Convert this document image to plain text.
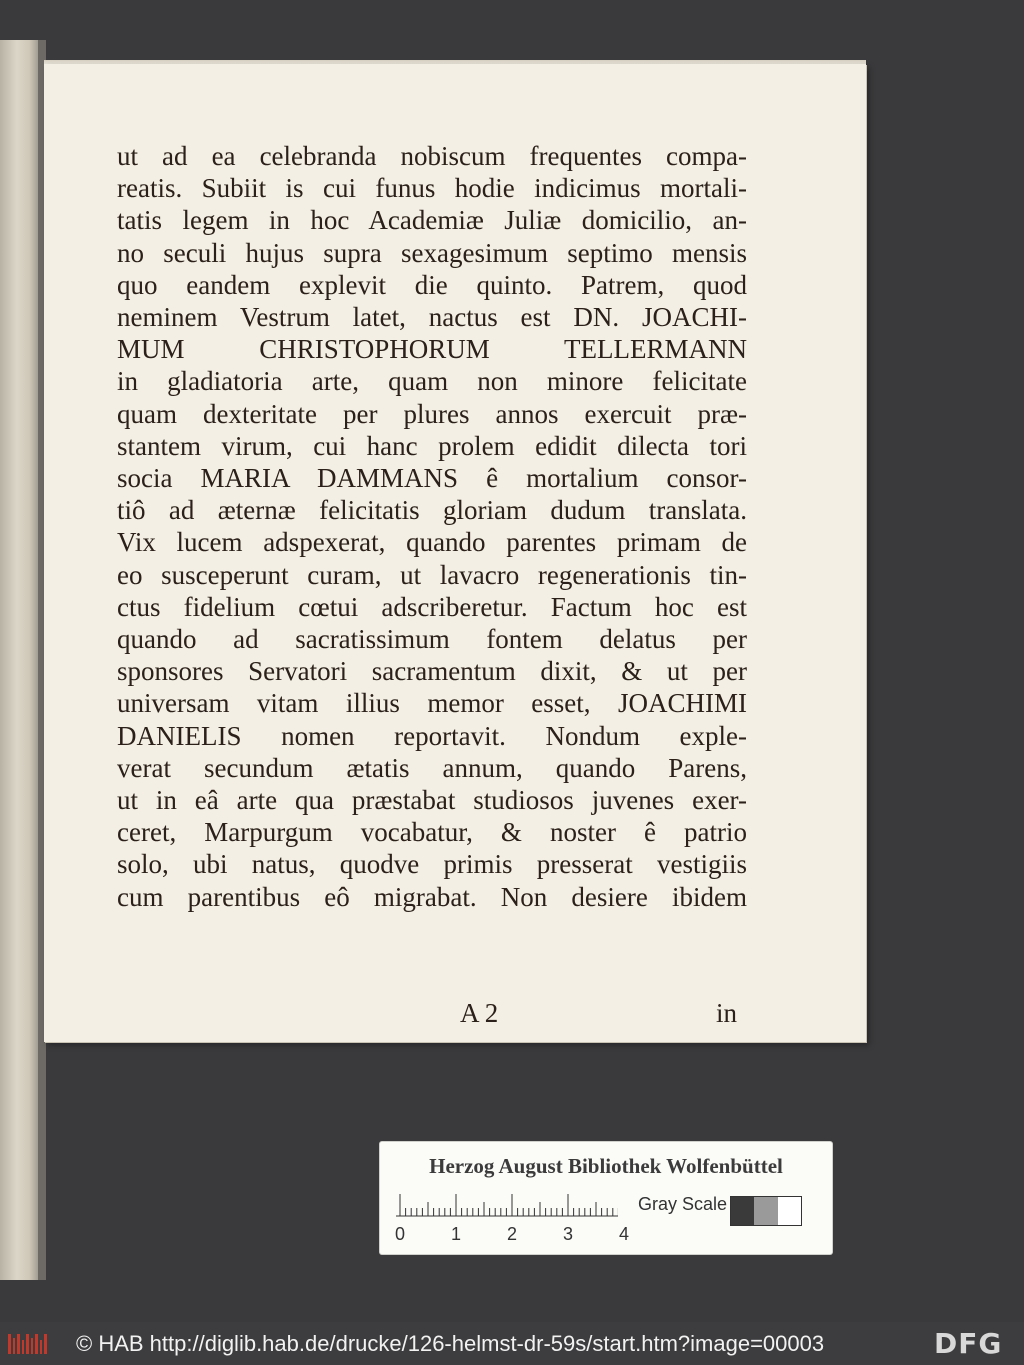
ut ad ea celebranda nobiscum frequentes compa-
reatis. Subiit is cui funus hodie indicimus mortali-
tatis legem in hoc Academiæ Juliæ domicilio, an-
no seculi hujus supra sexagesimum septimo mensis
quo eandem explevit die quinto. Patrem, quod
neminem Vestrum latet, nactus est DN. JOACHI-
MUM CHRISTOPHORUM TELLERMANN
in gladiatoria arte, quam non minore felicitate
quam dexteritate per plures annos exercuit præ-
stantem virum, cui hanc prolem edidit dilecta tori
socia MARIA DAMMANS ê mortalium consor-
tiô ad æternæ felicitatis gloriam dudum translata.
Vix lucem adspexerat, quando parentes primam de
eo susceperunt curam, ut lavacro regenerationis tin-
ctus fidelium cœtui adscriberetur. Factum hoc est
quando ad sacratissimum fontem delatus per
sponsores Servatori sacramentum dixit, & ut per
universam vitam illius memor esset, JOACHIMI
DANIELIS nomen reportavit. Nondum exple-
verat secundum ætatis annum, quando Parens,
ut in eâ arte qua præstabat studiosos juvenes exer-
ceret, Marpurgum vocabatur, & noster ê patrio
solo, ubi natus, quodve primis presserat vestigiis
cum parentibus eô migrabat. Non desiere ibidem
A 2	in
Herzog August Bibliothek Wolfenbüttel
0	1	2	3	4
Gray Scale
© HAB http://diglib.hab.de/drucke/126-helmst-dr-59s/start.htm?image=00003	DFG
